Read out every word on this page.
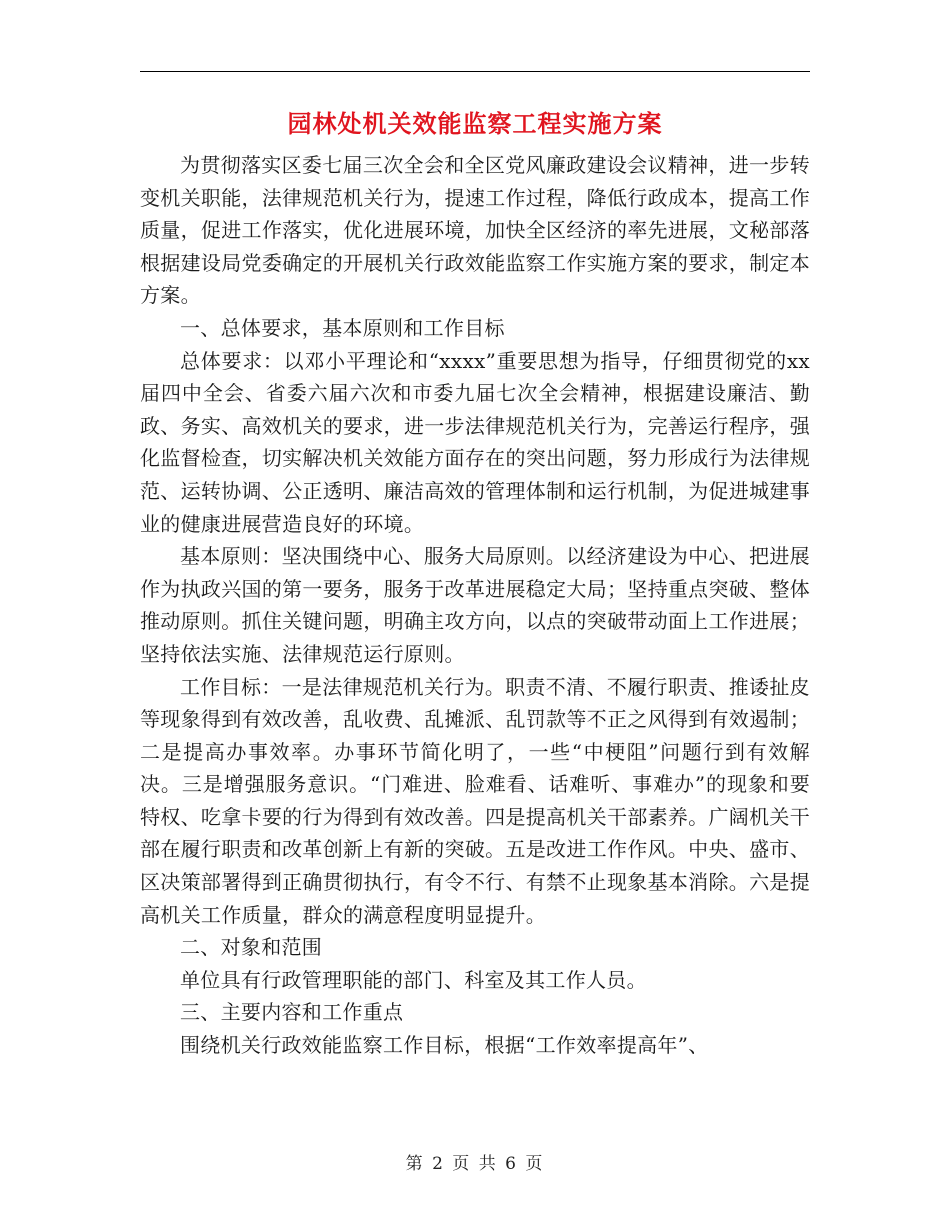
园林处机关效能监察工程实施方案

为贯彻落实区委七届三次全会和全区党风廉政建设会议精神，进一步转变机关职能，法律规范机关行为，提速工作过程，降低行政成本，提高工作质量，促进工作落实，优化进展环境，加快全区经济的率先进展，文秘部落根据建设局党委确定的开展机关行政效能监察工作实施方案的要求，制定本方案。

一、总体要求，基本原则和工作目标

总体要求：以邓小平理论和“xxxx”重要思想为指导，仔细贯彻党的xx届四中全会、省委六届六次和市委九届七次全会精神，根据建设廉洁、勤政、务实、高效机关的要求，进一步法律规范机关行为，完善运行程序，强化监督检查，切实解决机关效能方面存在的突出问题，努力形成行为法律规范、运转协调、公正透明、廉洁高效的管理体制和运行机制，为促进城建事业的健康进展营造良好的环境。

基本原则：坚决围绕中心、服务大局原则。以经济建设为中心、把进展作为执政兴国的第一要务，服务于改革进展稳定大局；坚持重点突破、整体推动原则。抓住关键问题，明确主攻方向，以点的突破带动面上工作进展；坚持依法实施、法律规范运行原则。

工作目标：一是法律规范机关行为。职责不清、不履行职责、推诿扯皮等现象得到有效改善，乱收费、乱摊派、乱罚款等不正之风得到有效遏制；二是提高办事效率。办事环节简化明了，一些“中梗阻”问题行到有效解决。三是增强服务意识。“门难进、脸难看、话难听、事难办”的现象和要特权、吃拿卡要的行为得到有效改善。四是提高机关干部素养。广阔机关干部在履行职责和改革创新上有新的突破。五是改进工作作风。中央、盛市、区决策部署得到正确贯彻执行，有令不行、有禁不止现象基本消除。六是提高机关工作质量，群众的满意程度明显提升。

二、对象和范围

单位具有行政管理职能的部门、科室及其工作人员。

三、主要内容和工作重点

围绕机关行政效能监察工作目标，根据“工作效率提高年”、

第 2 页 共 6 页
